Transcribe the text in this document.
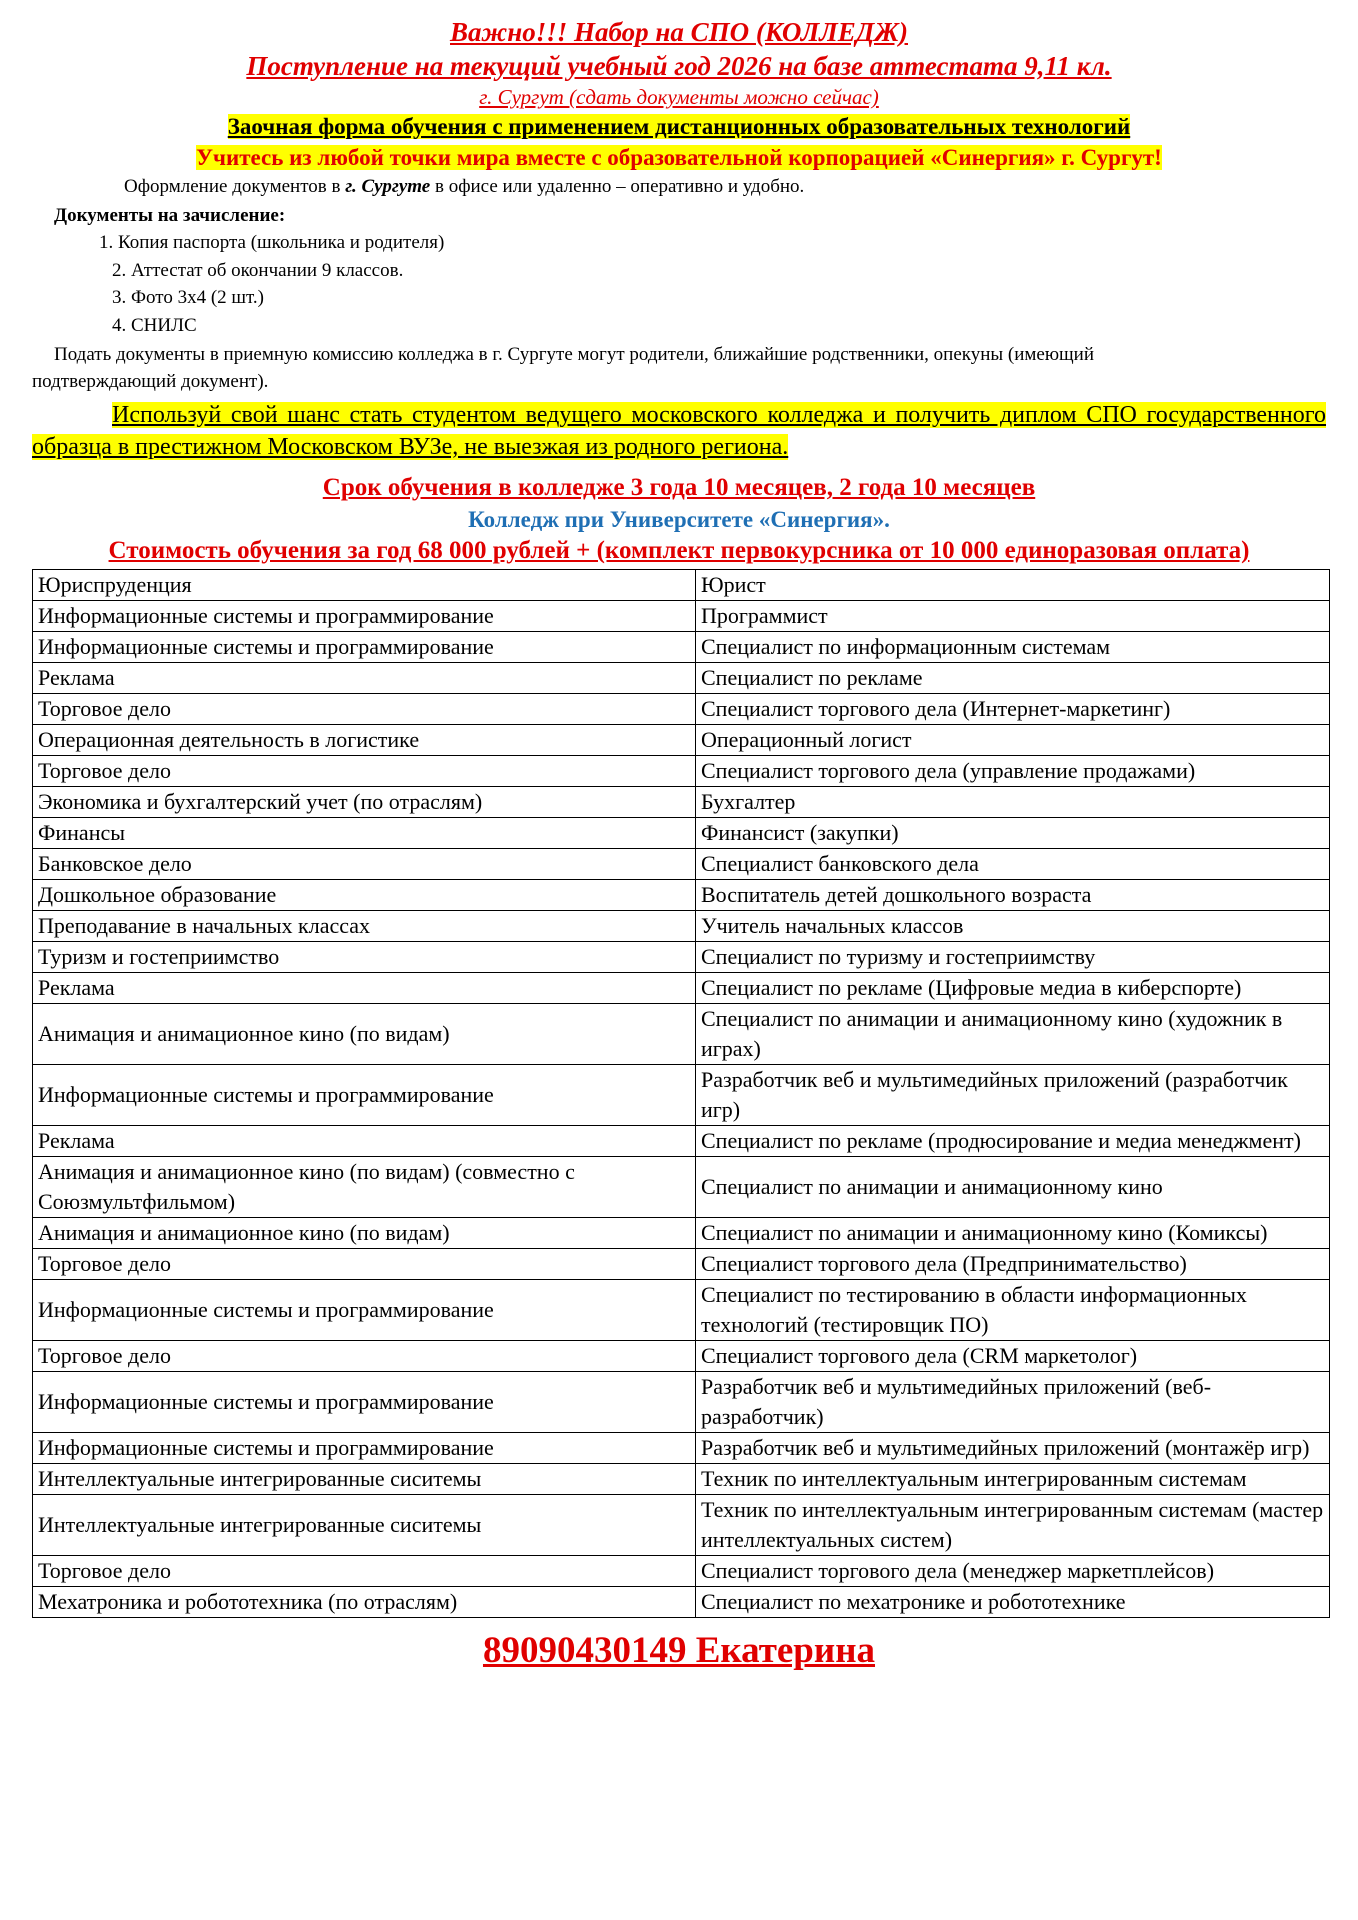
Важно!!! Набор на СПО (КОЛЛЕДЖ)

Поступление на текущий учебный год 2026 на базе аттестата 9,11 кл.

г. Сургут (сдать документы можно сейчас)

Заочная форма обучения с применением дистанционных образовательных технологий

Учитесь из любой точки мира вместе с образовательной корпорацией «Синергия» г. Сургут!

Оформление документов в г. Сургуте в офисе или удаленно – оперативно и удобно.

Документы на зачисление:

1. Копия паспорта (школьника и родителя)
2. Аттестат об окончании 9 классов.
3. Фото 3х4 (2 шт.)
4. СНИЛС

Подать документы в приемную комиссию колледжа в г. Сургуте могут родители, ближайшие родственники, опекуны (имеющий подтверждающий документ).

Используй свой шанс стать студентом ведущего московского колледжа и получить диплом СПО государственного образца в престижном Московском ВУЗе, не выезжая из родного региона.

Срок обучения в колледже 3 года 10 месяцев, 2 года 10 месяцев

Колледж при Университете «Синергия».

Стоимость обучения за год 68 000 рублей + (комплект первокурсника от 10 000 единоразовая оплата)

Юриспруденция	Юрист
Информационные системы и программирование	Программист
Информационные системы и программирование	Специалист по информационным системам
Реклама	Специалист по рекламе
Торговое дело	Специалист торгового дела (Интернет-маркетинг)
Операционная деятельность в логистике	Операционный логист
Торговое дело	Специалист торгового дела (управление продажами)
Экономика и бухгалтерский учет (по отраслям)	Бухгалтер
Финансы	Финансист (закупки)
Банковское дело	Специалист банковского дела
Дошкольное образование	Воспитатель детей дошкольного возраста
Преподавание в начальных классах	Учитель начальных классов
Туризм и гостеприимство	Специалист по туризму и гостеприимству
Реклама	Специалист по рекламе (Цифровые медиа в киберспорте)
Анимация и анимационное кино (по видам)	Специалист по анимации и анимационному кино (художник в играх)
Информационные системы и программирование	Разработчик веб и мультимедийных приложений (разработчик игр)
Реклама	Специалист по рекламе (продюсирование и медиа менеджмент)
Анимация и анимационное кино (по видам) (совместно с Союзмультфильмом)	Специалист по анимации и анимационному кино
Анимация и анимационное кино (по видам)	Специалист по анимации и анимационному кино (Комиксы)
Торговое дело	Специалист торгового дела (Предпринимательство)
Информационные системы и программирование	Специалист по тестированию в области информационных технологий (тестировщик ПО)
Торговое дело	Специалист торгового дела (CRM маркетолог)
Информационные системы и программирование	Разработчик веб и мультимедийных приложений (веб-разработчик)
Информационные системы и программирование	Разработчик веб и мультимедийных приложений (монтажёр игр)
Интеллектуальные интегрированные сиситемы	Техник по интеллектуальным интегрированным системам
Интеллектуальные интегрированные сиситемы	Техник по интеллектуальным интегрированным системам (мастер интеллектуальных систем)
Торговое дело	Специалист торгового дела (менеджер маркетплейсов)
Мехатроника и робототехника (по отраслям)	Специалист по мехатронике и робототехнике

89090430149 Екатерина
